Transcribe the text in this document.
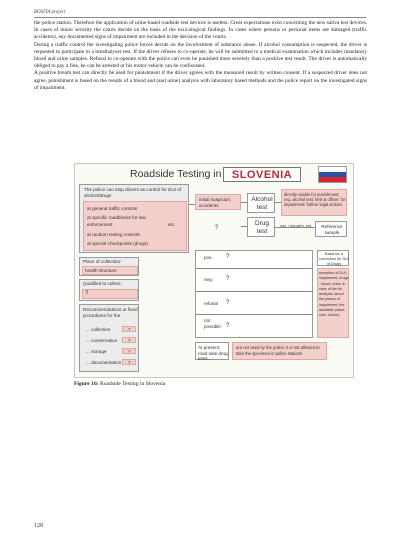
ROSITA project

the police station. Therefore the application of urine-based roadside test devices is useless. Great expectations exist concerning the new saliva test devices. In cases of minor severity the courts decide on the basis of the toxicological findings. In cases where persons or personal items are damaged (traffic accidents), any documented signs of impairment are included in the decision of the courts.

During a traffic control the investigating police forces decide on the involvement of substance abuse. If alcohol consumption is suspected, the driver is requested to participate in a breathalyser test. If the driver refuses to co-operate, he will be submitted to a medical examination which includes mandatory blood and urine samples. Refusal to co-operate with the police can even be punished more severely than a positive test result. The driver is automatically obliged to pay a fine, he can be arrested or his motor vehicle can be confiscated.

A positive breath test can directly be used for punishment if the driver agrees with the measured result by written consent. If a suspected driver does not agree, punishment is based on the results of a blood and (and urine) analysis with laboratory based methods and the police report on the investigated signs of impairment.

Roadside Testing in SLOVENIA
The police can stop drivers as control for DUI of alcohol/drugs
at general traffic controls
at specific roadblocks for law enforcement
at random testing controls
at special checkpoints (drugs)
etc.
initial suspicion; accidents
?
Alcohol test
Drug test
directly usable for punishment; req. alcohol test: limit & officer; for impairment: further legal actions
pos. / impairm. ext.	Reference sample
Place of collection:
health structure
Qualified to collect:
?
Recommendations or fixed procedures for the
... collection	?
... conservation ?
... storage	?
... documentation ?
pos. ?
neg. ?
refusal ?
not possible ?
Basis for a conviction for DUI of Drugs
reception of DUI; impairment; drugs - blood; urine; in case of the fin. analysis; about the places of impairment; the available police; com. doctor)
At present, road-side drug tests...
are not used by the police; it is not allowed to take the specimen in police stations
Figure 16: Roadside Testing in Slovenia
128
